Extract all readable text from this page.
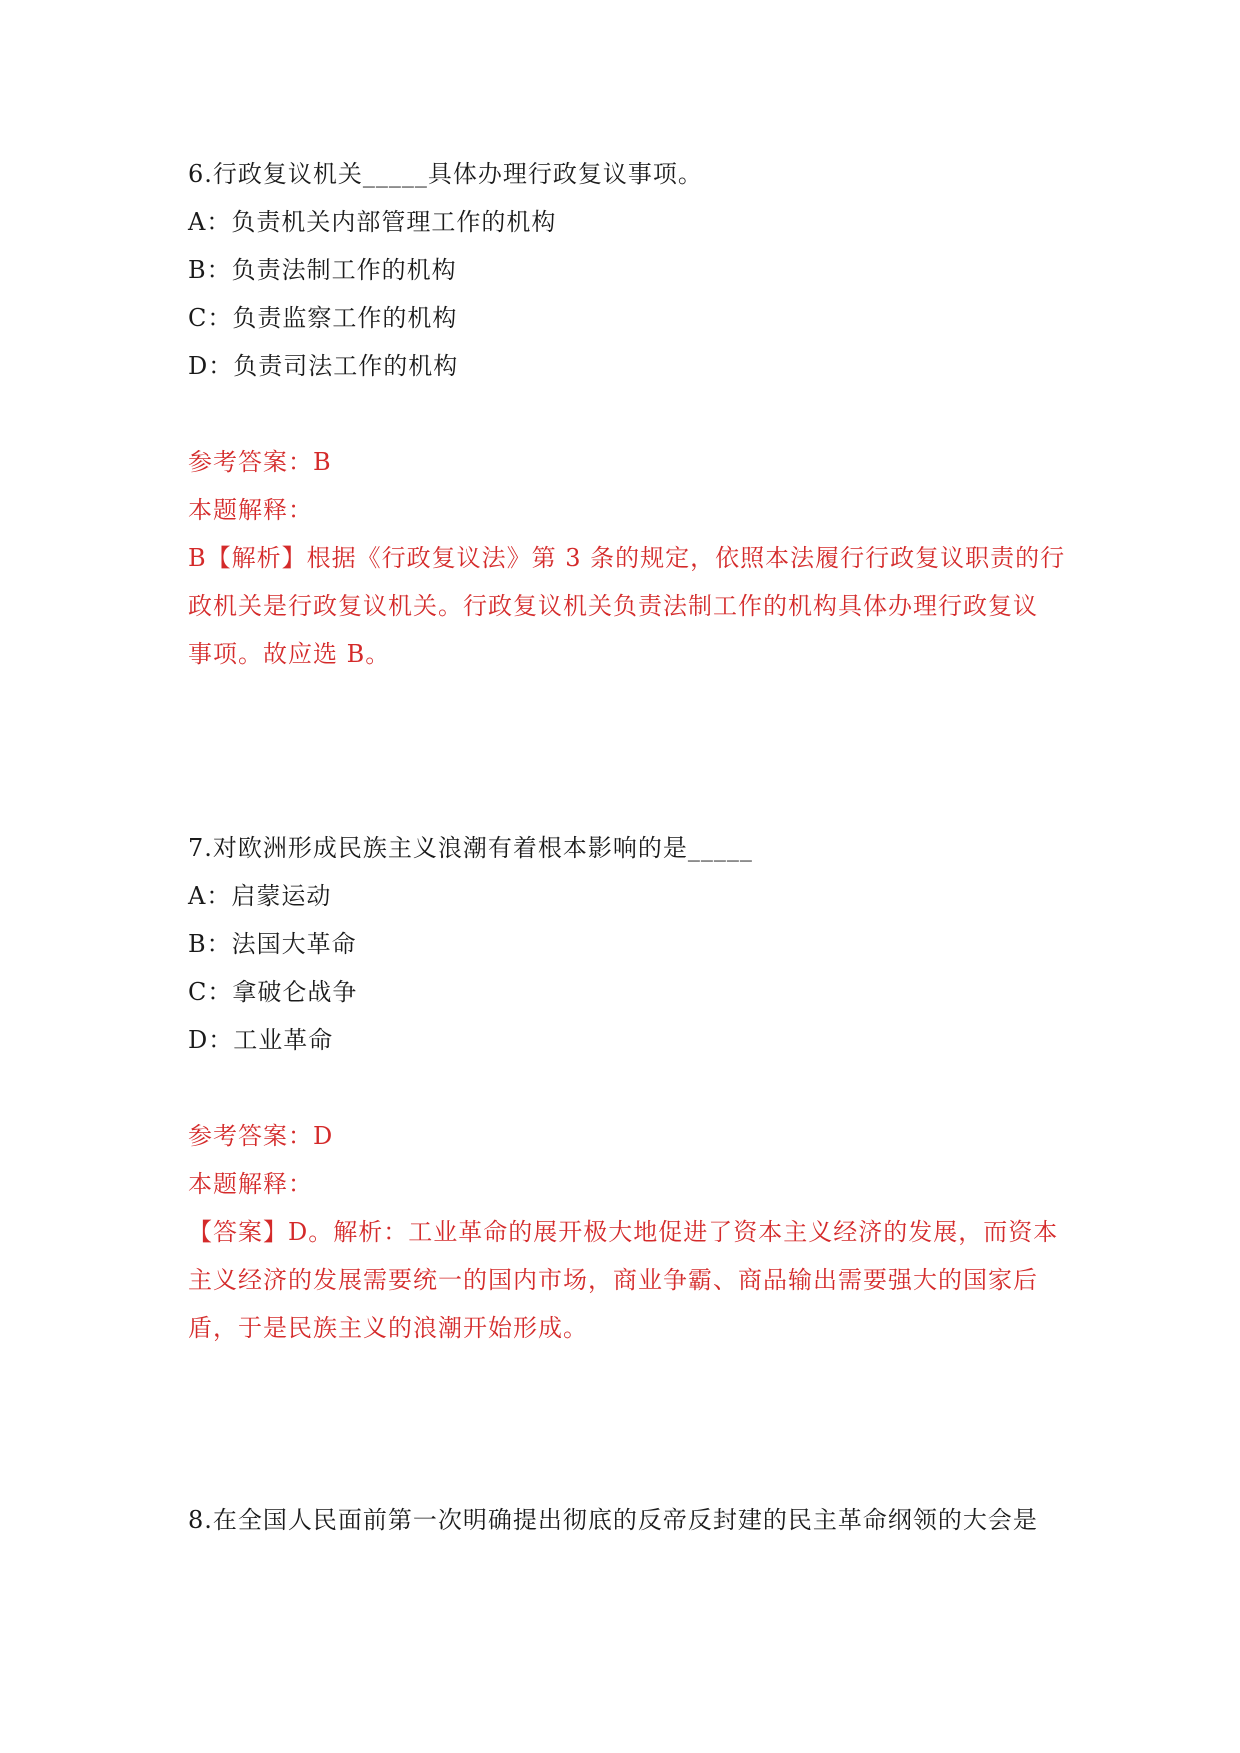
6.行政复议机关_____具体办理行政复议事项。
A：负责机关内部管理工作的机构
B：负责法制工作的机构
C：负责监察工作的机构
D：负责司法工作的机构
参考答案：B
本题解释：
B【解析】根据《行政复议法》第 3 条的规定，依照本法履行行政复议职责的行
政机关是行政复议机关。行政复议机关负责法制工作的机构具体办理行政复议
事项。故应选 B。
7.对欧洲形成民族主义浪潮有着根本影响的是_____
A：启蒙运动
B：法国大革命
C：拿破仑战争
D：工业革命
参考答案：D
本题解释：
【答案】D。解析：工业革命的展开极大地促进了资本主义经济的发展，而资本
主义经济的发展需要统一的国内市场，商业争霸、商品输出需要强大的国家后
盾，于是民族主义的浪潮开始形成。
8.在全国人民面前第一次明确提出彻底的反帝反封建的民主革命纲领的大会是
